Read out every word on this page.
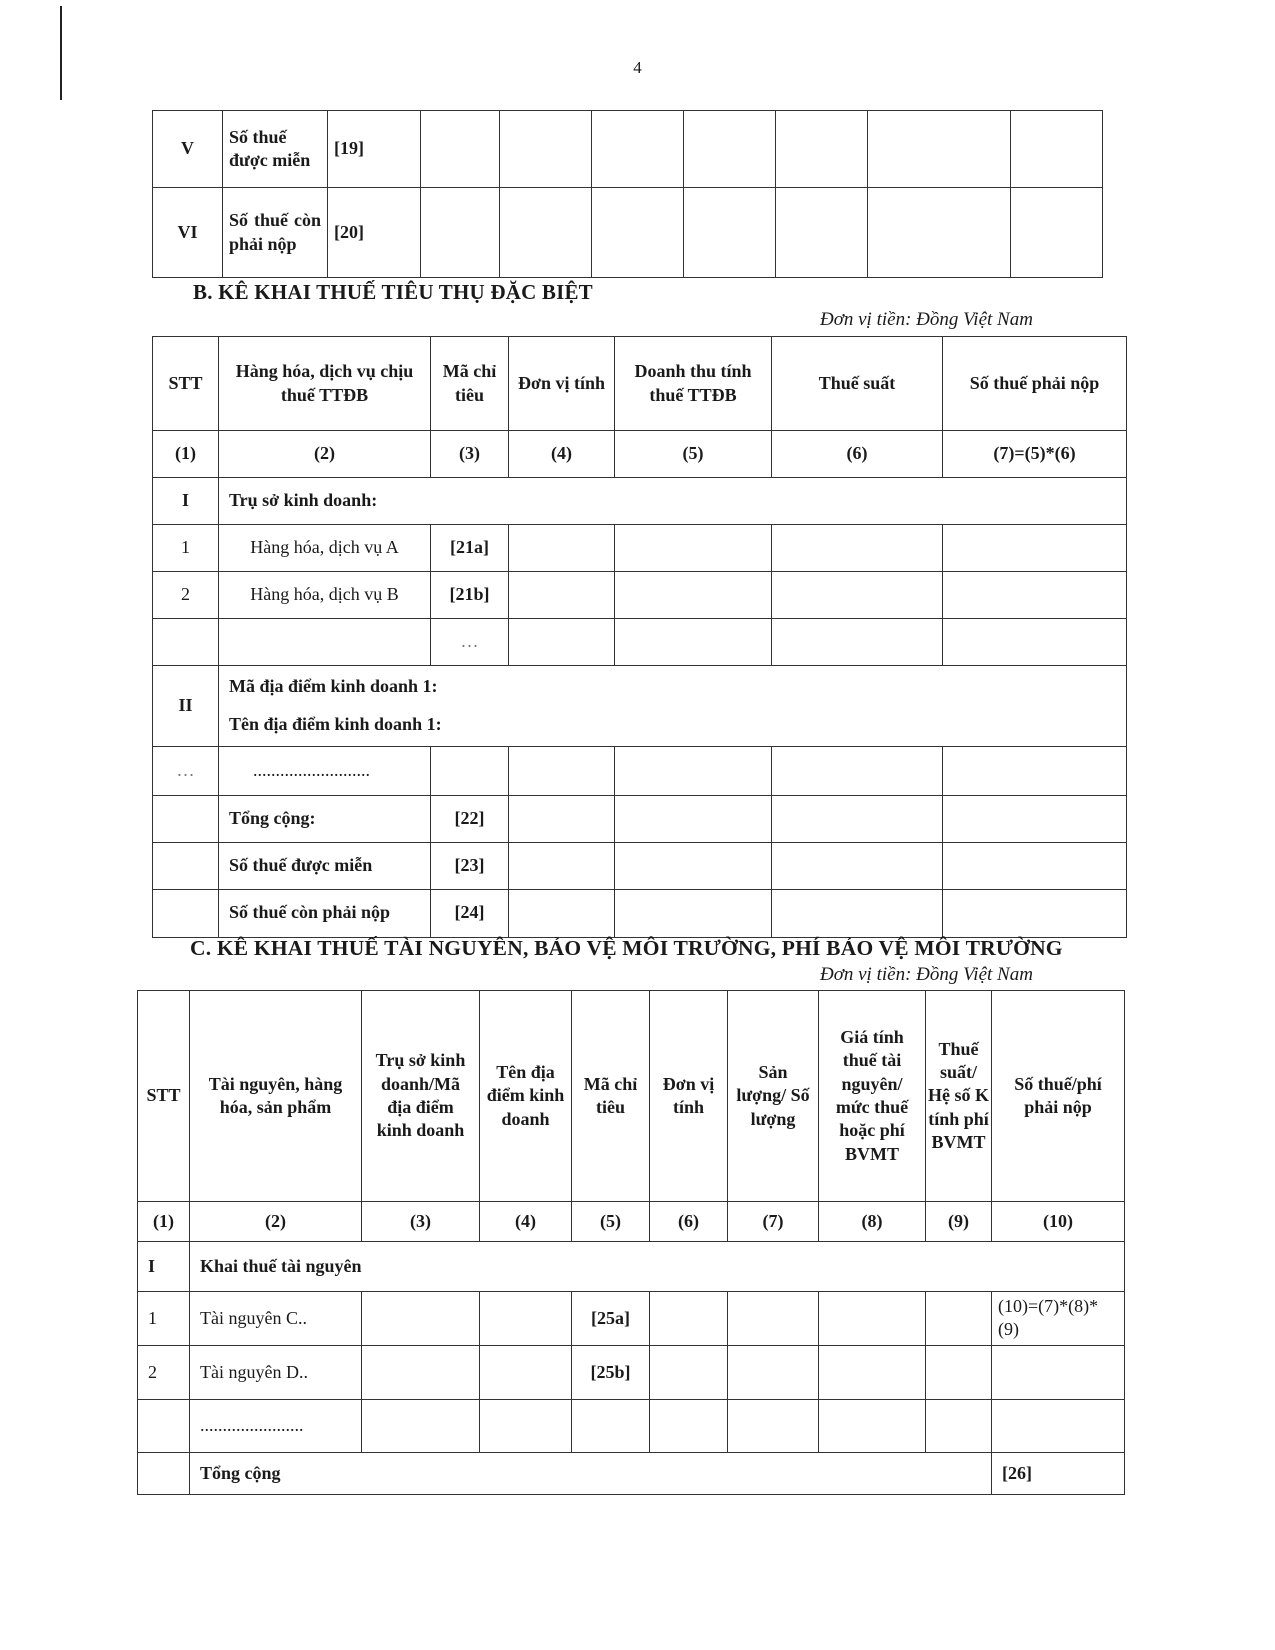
4
V	Số thuế được miễn	[19]							
VI	Số thuế còn phải nộp	[20]							
B. KÊ KHAI THUẾ TIÊU THỤ ĐẶC BIỆT
Đơn vị tiền: Đồng Việt Nam
STT	Hàng hóa, dịch vụ chịu thuế TTĐB	Mã chỉ tiêu	Đơn vị tính	Doanh thu tính thuế TTĐB	Thuế suất	Số thuế phải nộp
(1)	(2)	(3)	(4)	(5)	(6)	(7)=(5)*(6)
I	Trụ sở kinh doanh:					
1	Hàng hóa, dịch vụ A	[21a]				
2	Hàng hóa, dịch vụ B	[21b]				
		…				
II	Mã địa điểm kinh doanh 1:
Tên địa điểm kinh doanh 1:					

…	..........................					
	Tổng cộng:	[22]				
	Số thuế được miễn	[23]				
	Số thuế còn phải nộp	[24]				
C. KÊ KHAI THUẾ TÀI NGUYÊN, BẢO VỆ MÔI TRƯỜNG, PHÍ BẢO VỆ MÔI TRƯỜNG
Đơn vị tiền: Đồng Việt Nam
STT	Tài nguyên, hàng hóa, sản phẩm	Trụ sở kinh doanh/Mã địa điểm kinh doanh	Tên địa điểm kinh doanh	Mã chỉ tiêu	Đơn vị tính	Sản lượng/ Số lượng	Giá tính thuế tài nguyên/ mức thuế hoặc phí BVMT	Thuế suất/ Hệ số K tính phí BVMT	Số thuế/phí phải nộp
(1)	(2)	(3)	(4)	(5)	(6)	(7)	(8)	(9)	(10)
I	Khai thuế tài nguyên								
1	Tài nguyên C..			[25a]					(10)=(7)*(8)*(9)
2	Tài nguyên D..			[25b]					
	.......................								
	Tổng cộng								[26]
